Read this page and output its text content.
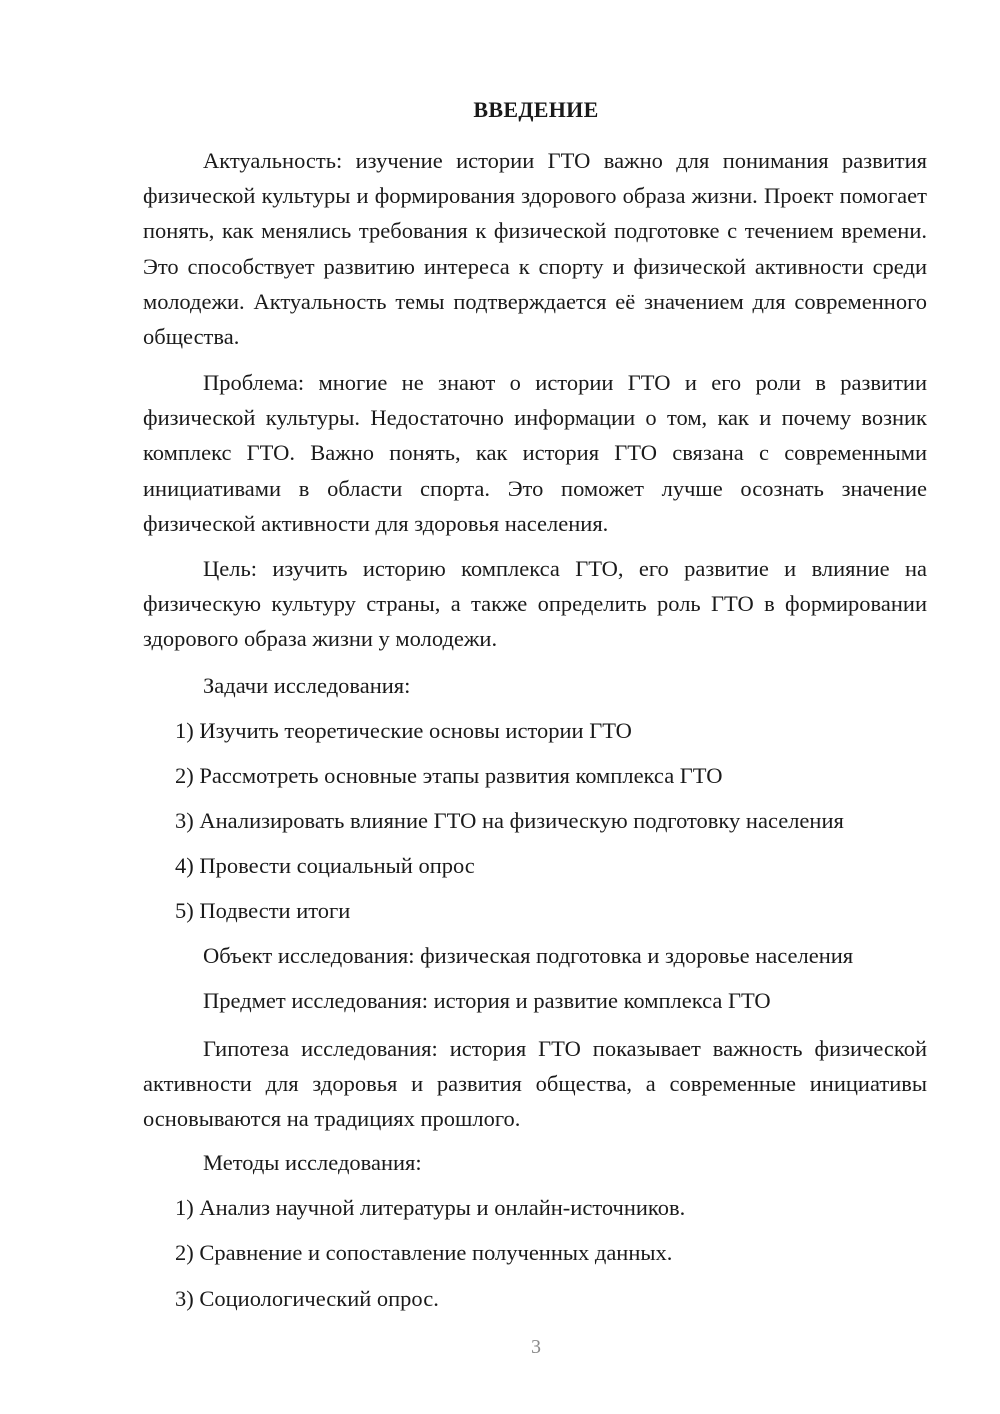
ВВЕДЕНИЕ

Актуальность: изучение истории ГТО важно для понимания развития физической культуры и формирования здорового образа жизни. Проект помогает понять, как менялись требования к физической подготовке с течением времени. Это способствует развитию интереса к спорту и физической активности среди молодежи. Актуальность темы подтверждается её значением для современного общества.

Проблема: многие не знают о истории ГТО и его роли в развитии физической культуры. Недостаточно информации о том, как и почему возник комплекс ГТО. Важно понять, как история ГТО связана с современными инициативами в области спорта. Это поможет лучше осознать значение физической активности для здоровья населения.

Цель: изучить историю комплекса ГТО, его развитие и влияние на физическую культуру страны, а также определить роль ГТО в формировании здорового образа жизни у молодежи.

Задачи исследования:

1) Изучить теоретические основы истории ГТО

2) Рассмотреть основные этапы развития комплекса ГТО

3) Анализировать влияние ГТО на физическую подготовку населения

4) Провести социальный опрос

5) Подвести итоги

Объект исследования: физическая подготовка и здоровье населения

Предмет исследования: история и развитие комплекса ГТО

Гипотеза исследования: история ГТО показывает важность физической активности для здоровья и развития общества, а современные инициативы основываются на традициях прошлого.

Методы исследования:

1) Анализ научной литературы и онлайн-источников.

2) Сравнение и сопоставление полученных данных.

3) Социологический опрос.

3
